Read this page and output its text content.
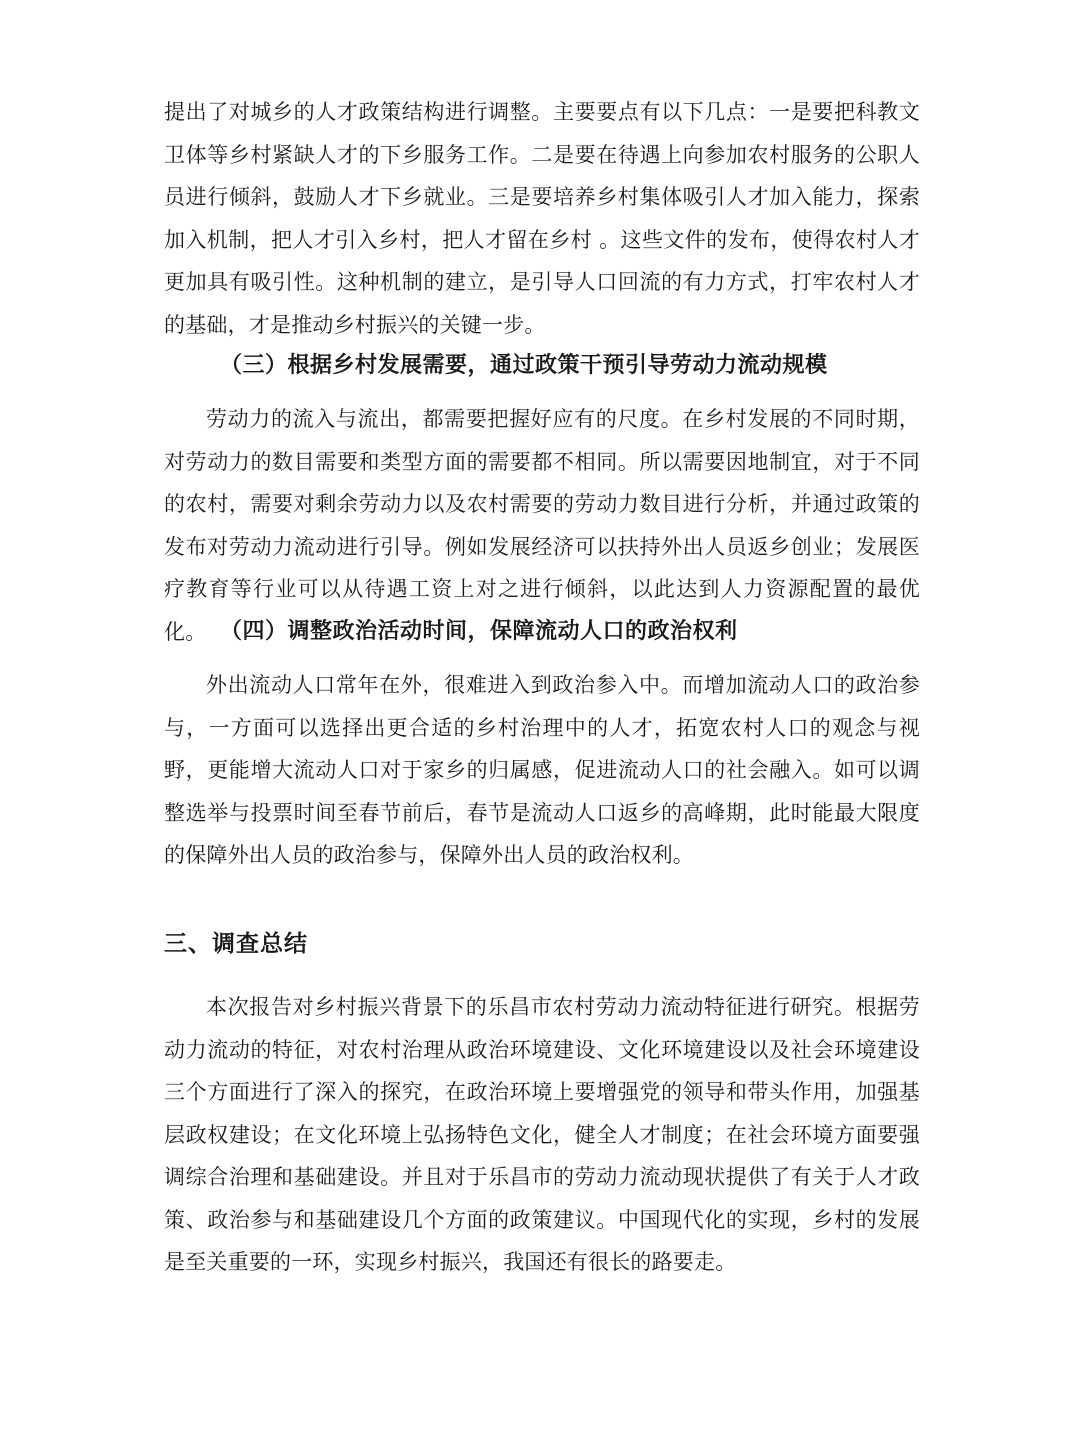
提出了对城乡的人才政策结构进行调整。主要要点有以下几点：一是要把科教文卫体等乡村紧缺人才的下乡服务工作。二是要在待遇上向参加农村服务的公职人员进行倾斜，鼓励人才下乡就业。三是要培养乡村集体吸引人才加入能力，探索加入机制，把人才引入乡村，把人才留在乡村 。这些文件的发布，使得农村人才更加具有吸引性。这种机制的建立，是引导人口回流的有力方式，打牢农村人才的基础，才是推动乡村振兴的关键一步。

（三）根据乡村发展需要，通过政策干预引导劳动力流动规模

劳动力的流入与流出，都需要把握好应有的尺度。在乡村发展的不同时期，对劳动力的数目需要和类型方面的需要都不相同。所以需要因地制宜，对于不同的农村，需要对剩余劳动力以及农村需要的劳动力数目进行分析，并通过政策的发布对劳动力流动进行引导。例如发展经济可以扶持外出人员返乡创业；发展医疗教育等行业可以从待遇工资上对之进行倾斜，以此达到人力资源配置的最优化。 （四）调整政治活动时间，保障流动人口的政治权利

外出流动人口常年在外，很难进入到政治参入中。而增加流动人口的政治参与，一方面可以选择出更合适的乡村治理中的人才，拓宽农村人口的观念与视野，更能增大流动人口对于家乡的归属感，促进流动人口的社会融入。如可以调整选举与投票时间至春节前后，春节是流动人口返乡的高峰期，此时能最大限度的保障外出人员的政治参与，保障外出人员的政治权利。

三、调查总结

本次报告对乡村振兴背景下的乐昌市农村劳动力流动特征进行研究。根据劳动力流动的特征，对农村治理从政治环境建设、文化环境建设以及社会环境建设三个方面进行了深入的探究，在政治环境上要增强党的领导和带头作用，加强基层政权建设；在文化环境上弘扬特色文化，健全人才制度；在社会环境方面要强调综合治理和基础建设。并且对于乐昌市的劳动力流动现状提供了有关于人才政策、政治参与和基础建设几个方面的政策建议。中国现代化的实现，乡村的发展是至关重要的一环，实现乡村振兴，我国还有很长的路要走。
